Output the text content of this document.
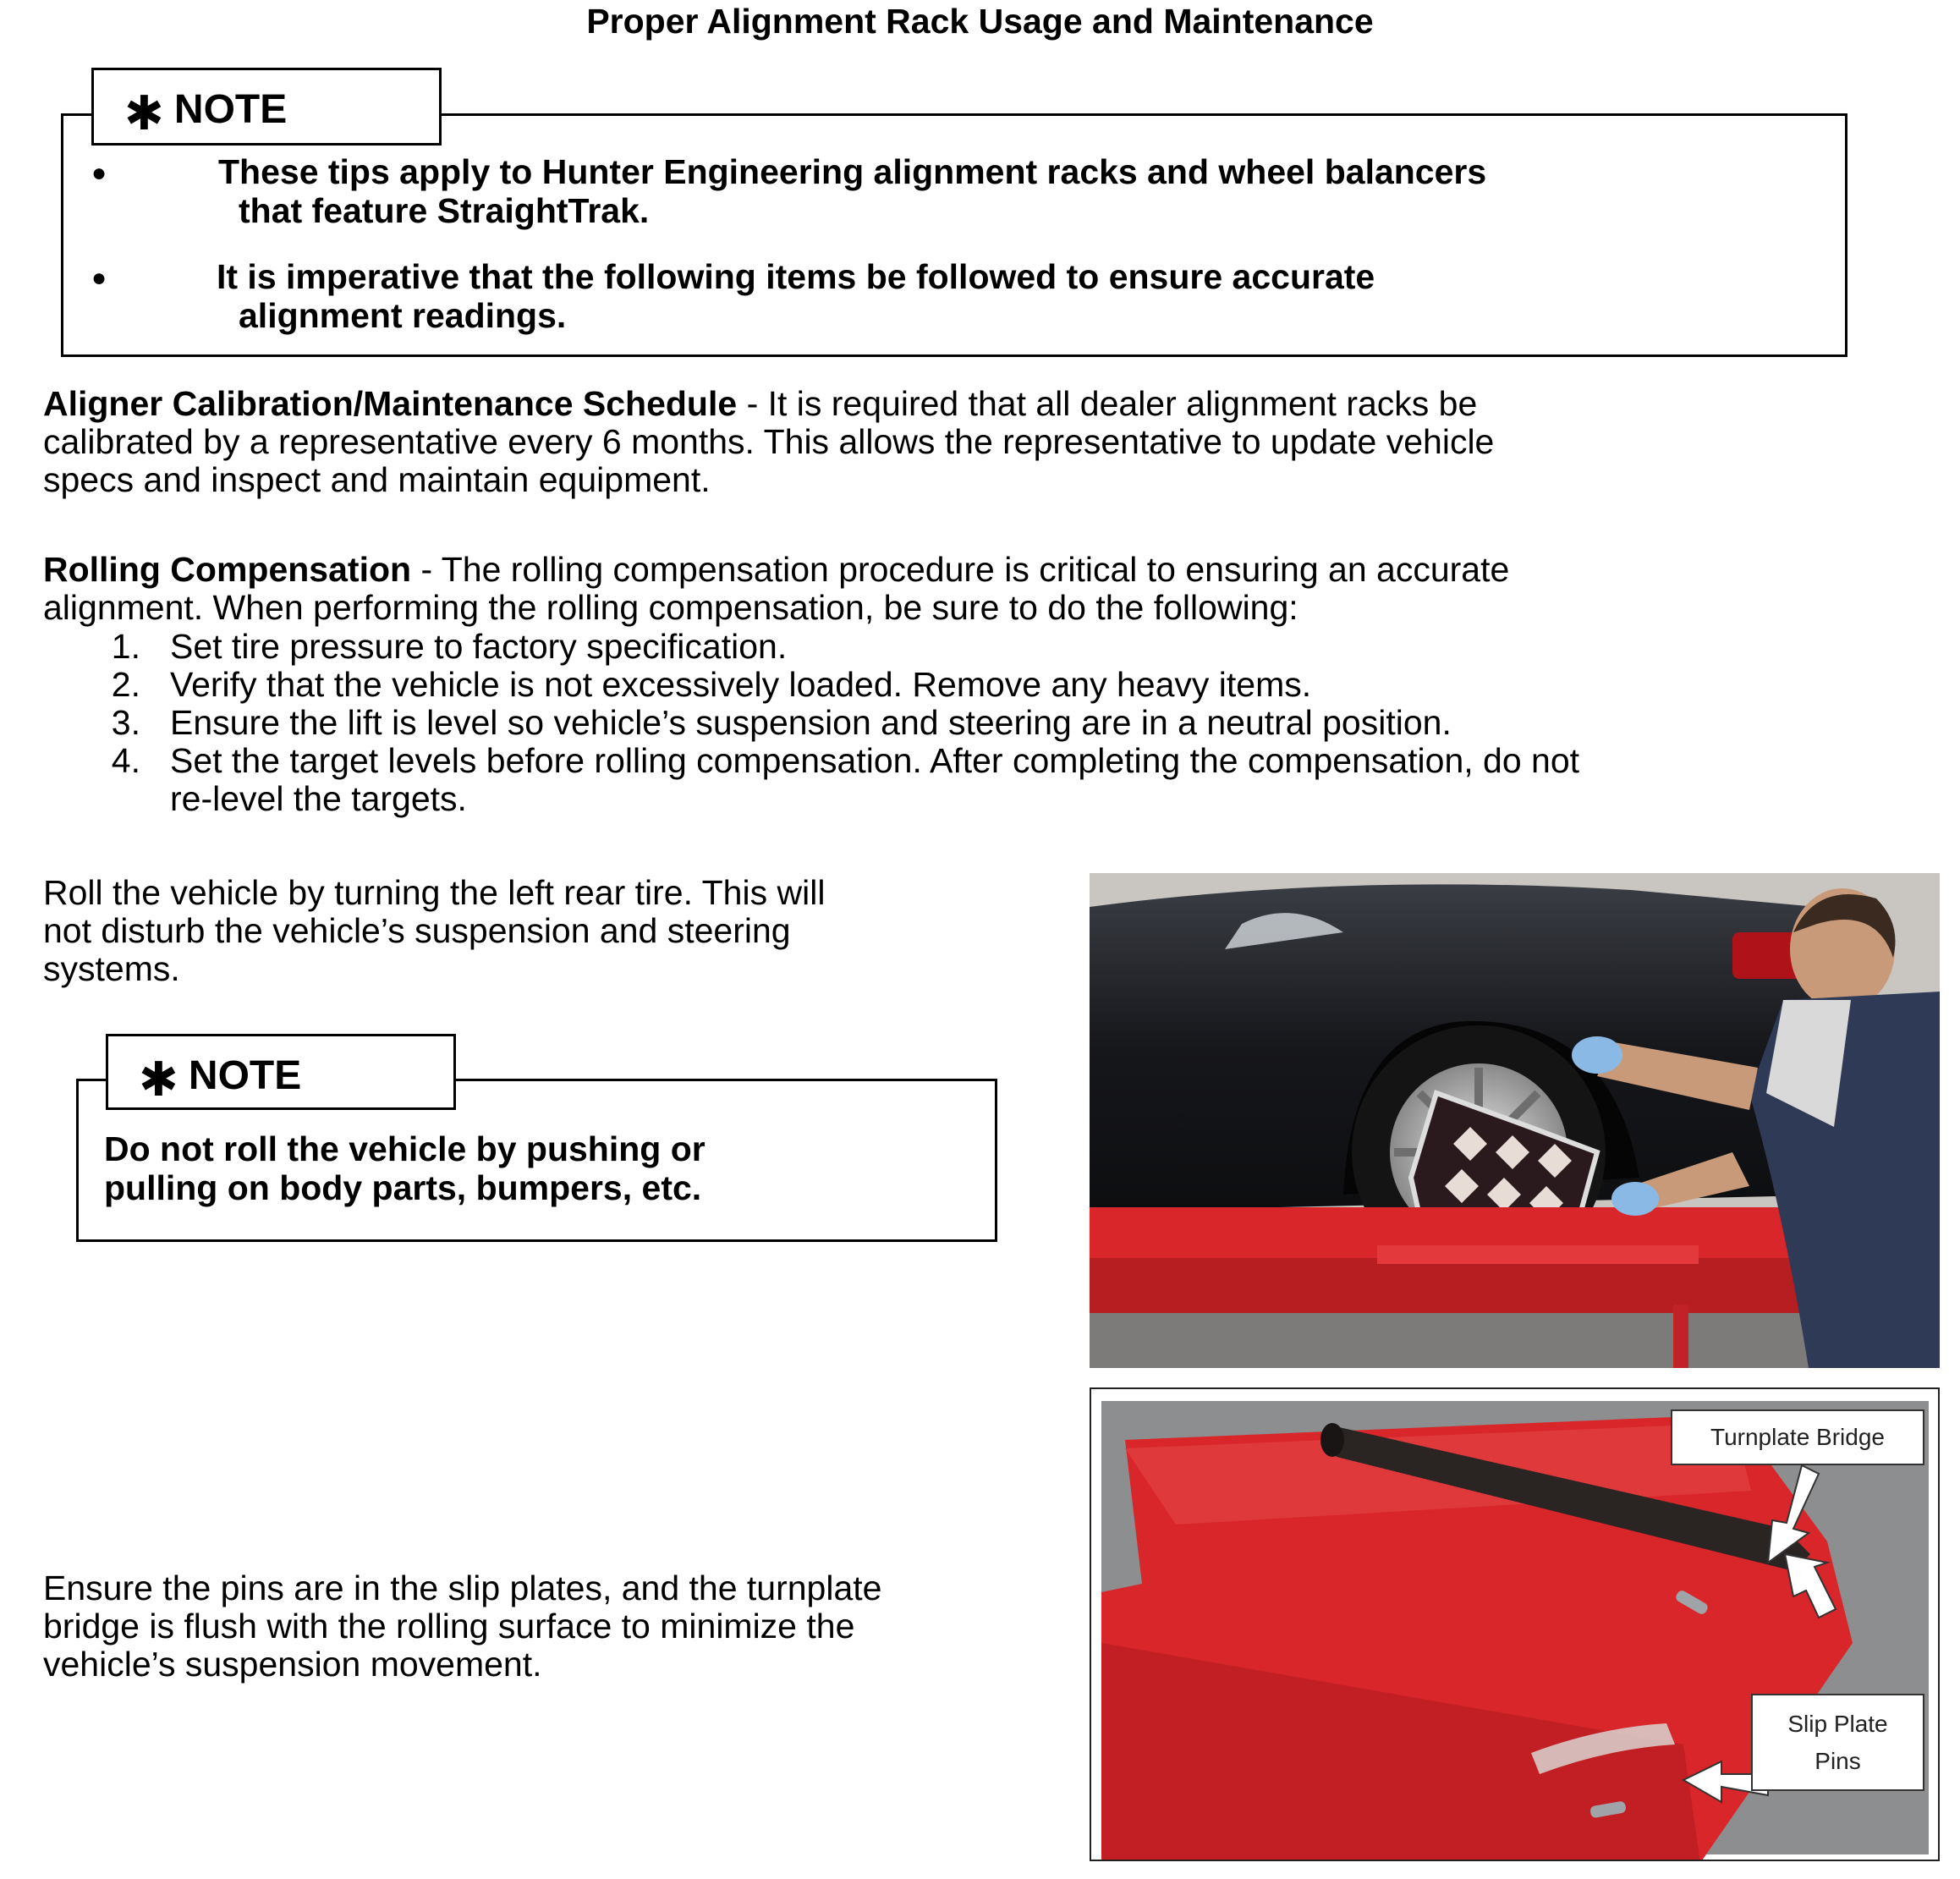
Proper Alignment Rack Usage and Maintenance
✱ NOTE
●	These tips apply to Hunter Engineering alignment racks and wheel balancers
that feature StraightTrak.
●	It is imperative that the following items be followed to ensure accurate
alignment readings.
Aligner Calibration/Maintenance Schedule - It is required that all dealer alignment racks be
calibrated by a representative every 6 months. This allows the representative to update vehicle
specs and inspect and maintain equipment.
Rolling Compensation - The rolling compensation procedure is critical to ensuring an accurate
alignment. When performing the rolling compensation, be sure to do the following:
1. Set tire pressure to factory specification.
2. Verify that the vehicle is not excessively loaded. Remove any heavy items.
3. Ensure the lift is level so vehicle’s suspension and steering are in a neutral position.
4. Set the target levels before rolling compensation. After completing the compensation, do not
re-level the targets.
Roll the vehicle by turning the left rear tire. This will
not disturb the vehicle’s suspension and steering
systems.
✱ NOTE
Do not roll the vehicle by pushing or
pulling on body parts, bumpers, etc.
Turnplate Bridge
Slip Plate
Pins
Ensure the pins are in the slip plates, and the turnplate
bridge is flush with the rolling surface to minimize the
vehicle’s suspension movement.
